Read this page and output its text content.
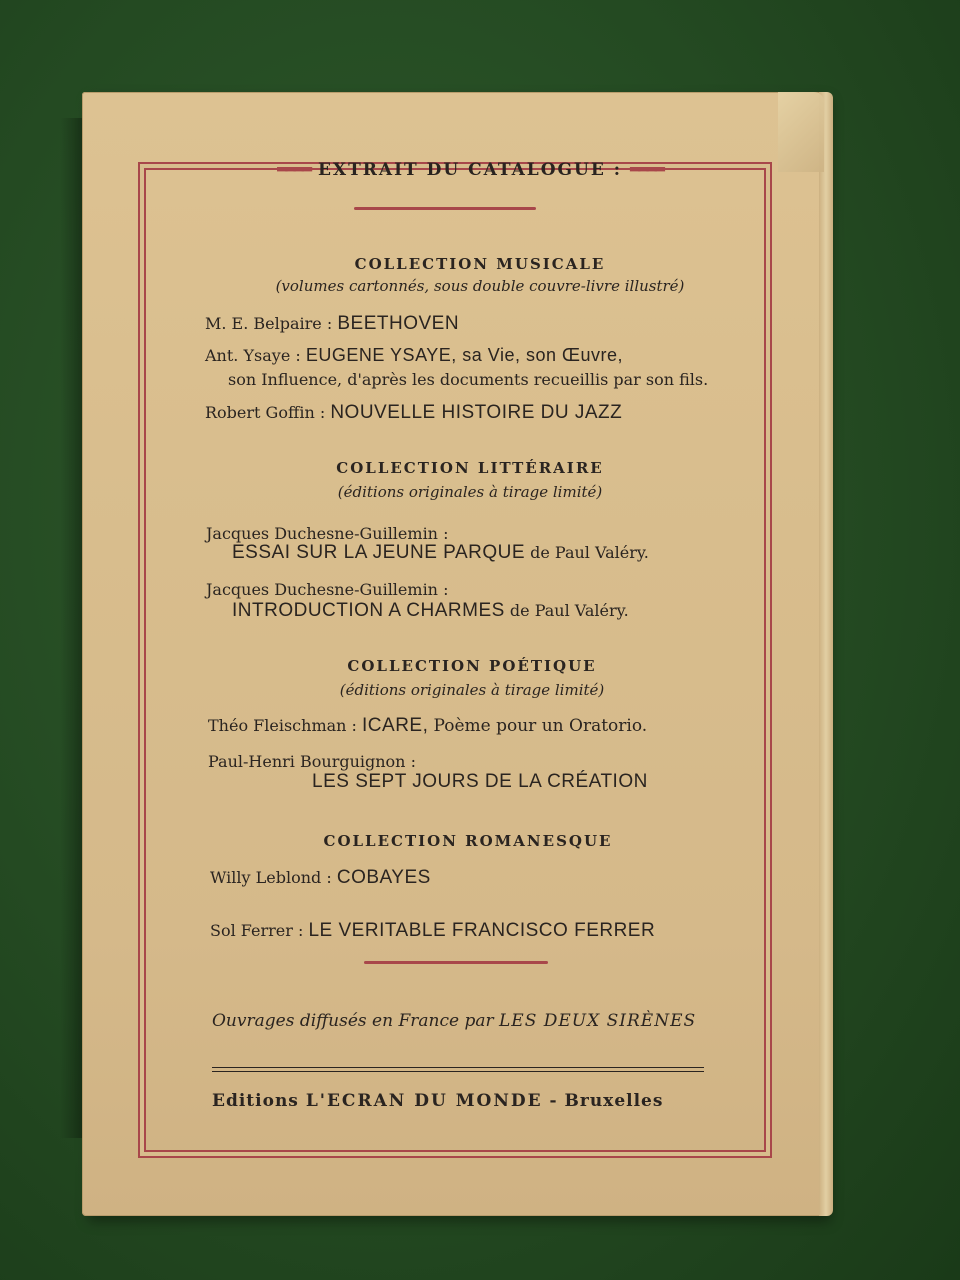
════ EXTRAIT DU CATALOGUE : ════
COLLECTION MUSICALE
(volumes cartonnés, sous double couvre-livre illustré)
M. E. Belpaire : BEETHOVEN
Ant. Ysaye : EUGENE YSAYE, sa Vie, son Œuvre,
son Influence, d'après les documents recueillis par son fils.
Robert Goffin : NOUVELLE HISTOIRE DU JAZZ
COLLECTION LITTÉRAIRE
(éditions originales à tirage limité)
Jacques Duchesne-Guillemin :
ESSAI SUR LA JEUNE PARQUE de Paul Valéry.
Jacques Duchesne-Guillemin :
INTRODUCTION A CHARMES de Paul Valéry.
COLLECTION POÉTIQUE
(éditions originales à tirage limité)
Théo Fleischman : ICARE, Poème pour un Oratorio.
Paul-Henri Bourguignon :
LES SEPT JOURS DE LA CRÉATION
COLLECTION ROMANESQUE
Willy Leblond : COBAYES
Sol Ferrer : LE VERITABLE FRANCISCO FERRER
Ouvrages diffusés en France par LES DEUX SIRÈNES
Editions L'ECRAN DU MONDE - Bruxelles
